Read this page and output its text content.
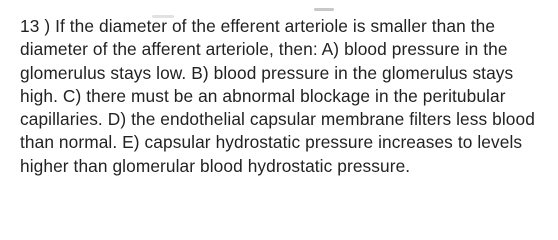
13 ) If the diameter of the efferent arteriole is smaller than the diameter of the afferent arteriole, then: A) blood pressure in the glomerulus stays low. B) blood pressure in the glomerulus stays high. C) there must be an abnormal blockage in the peritubular capillaries. D) the endothelial capsular membrane filters less blood than normal. E) capsular hydrostatic pressure increases to levels higher than glomerular blood hydrostatic pressure.
